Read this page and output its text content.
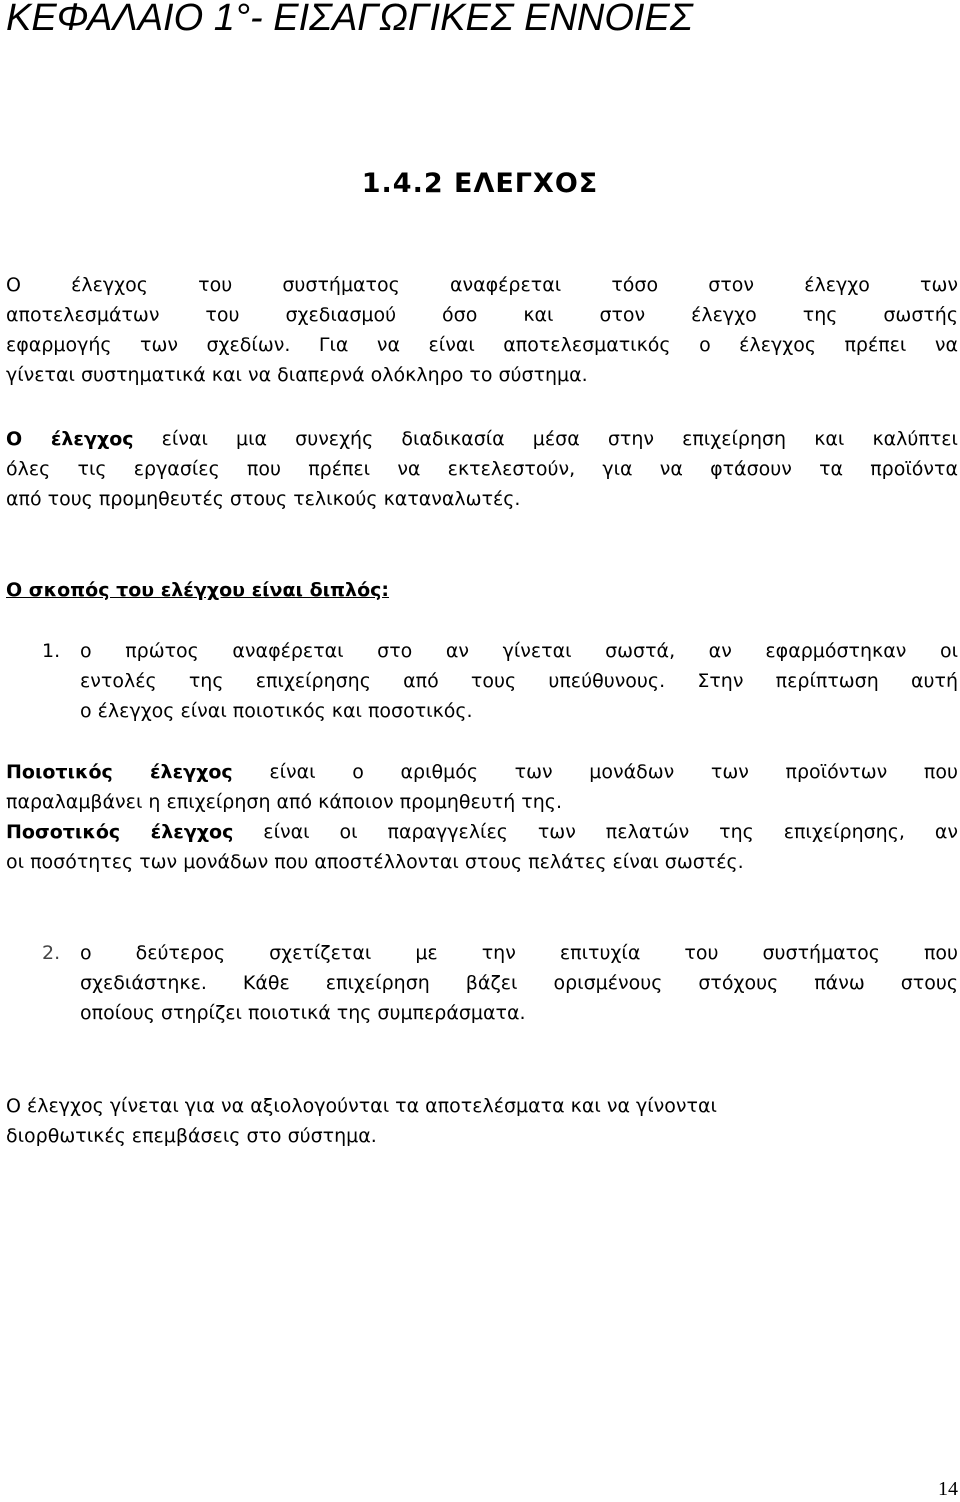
ΚΕΦΑΛΑΙΟ 1°- ΕΙΣΑΓΩΓΙΚΕΣ ΕΝΝΟΙΕΣ
1.4.2 ΕΛΕΓΧΟΣ
Ο έλεγχος του συστήματος αναφέρεται τόσο στον έλεγχο των
αποτελεσμάτων του σχεδιασμού όσο και στον έλεγχο της σωστής
εφαρμογής των σχεδίων. Για να είναι αποτελεσματικός ο έλεγχος πρέπει να
γίνεται συστηματικά και να διαπερνά ολόκληρο το σύστημα.
Ο έλεγχος είναι μια συνεχής διαδικασία μέσα στην επιχείρηση και καλύπτει
όλες τις εργασίες που πρέπει να εκτελεστούν, για να φτάσουν τα προϊόντα
από τους προμηθευτές στους τελικούς καταναλωτές.
Ο σκοπός του ελέγχου είναι διπλός:
1. ο πρώτος αναφέρεται στο αν γίνεται σωστά, αν εφαρμόστηκαν οι
εντολές της επιχείρησης από τους υπεύθυνους. Στην περίπτωση αυτή
ο έλεγχος είναι ποιοτικός και ποσοτικός.
Ποιοτικός έλεγχος είναι ο αριθμός των μονάδων των προϊόντων που
παραλαμβάνει η επιχείρηση από κάποιον προμηθευτή της.
Ποσοτικός έλεγχος είναι οι παραγγελίες των πελατών της επιχείρησης, αν
οι ποσότητες των μονάδων που αποστέλλονται στους πελάτες είναι σωστές.
2. ο δεύτερος σχετίζεται με την επιτυχία του συστήματος που
σχεδιάστηκε. Κάθε επιχείρηση βάζει ορισμένους στόχους πάνω στους
οποίους στηρίζει ποιοτικά της συμπεράσματα.
Ο έλεγχος γίνεται για να αξιολογούνται τα αποτελέσματα και να γίνονται
διορθωτικές επεμβάσεις στο σύστημα.
14
